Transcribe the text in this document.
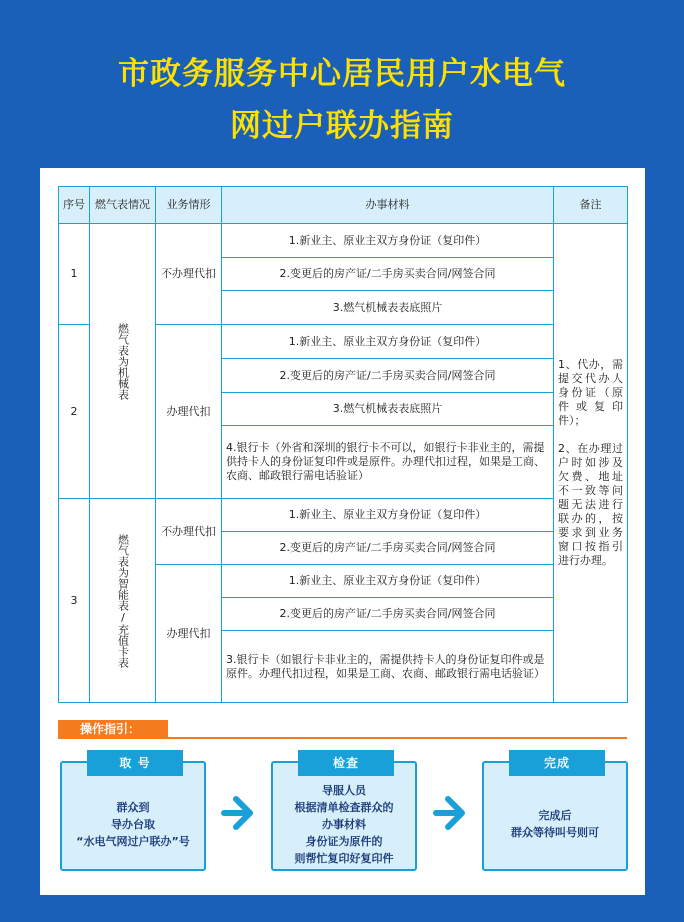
市政务服务中心居民用户水电气
网过户联办指南
序号	燃气表情况	业务情形	办事材料	备注
1	燃气表为机械表	不办理代扣	1.新业主、原业主双方身份证（复印件）	1、代办，需提交代办人身份证（原件或复印件）；

2、在办理过户时如涉及欠费、地址不一致等问题无法进行联办的，按要求到业务窗口按指引进行办理。

			2.变更后的房产证/二手房买卖合同/网签合同	
			3.燃气机械表表底照片	
2		办理代扣	1.新业主、原业主双方身份证（复印件）	
			2.变更后的房产证/二手房买卖合同/网签合同	
			3.燃气机械表表底照片	
			4.银行卡（外省和深圳的银行卡不可以，如银行卡非业主的，需提供持卡人的身份证复印件或是原件。办理代扣过程，如果是工商、农商、邮政银行需电话验证）	
3	燃气表为智能表/充值卡表	不办理代扣	1.新业主、原业主双方身份证（复印件）	
			2.变更后的房产证/二手房买卖合同/网签合同	
		办理代扣	1.新业主、原业主双方身份证（复印件）	
			2.变更后的房产证/二手房买卖合同/网签合同	
			3.银行卡（如银行卡非业主的，需提供持卡人的身份证复印件或是原件。办理代扣过程，如果是工商、农商、邮政银行需电话验证）	
操作指引：
取 号
群众到
导办台取
“水电气网过户联办”号
检查
导服人员
根据清单检查群众的
办事材料
身份证为原件的
则帮忙复印好复印件
完成
完成后
群众等待叫号则可
